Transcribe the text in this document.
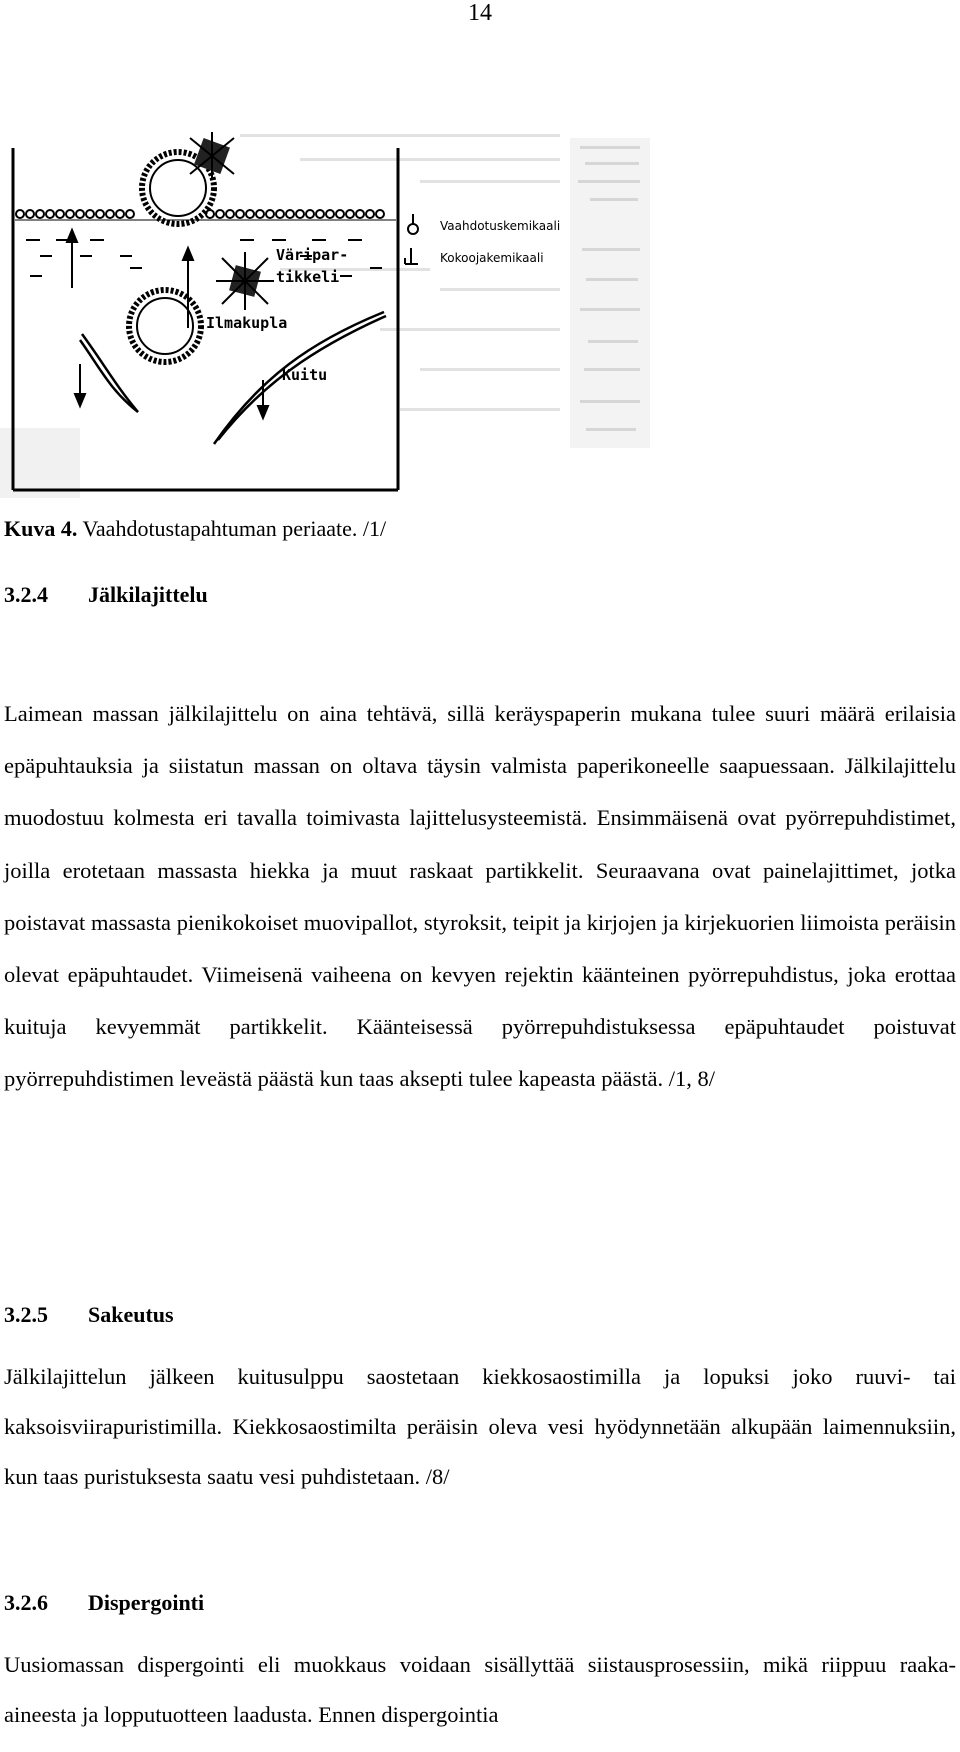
14
Vaahdotuskemikaali
Kokoojakemikaali
Väripar-
tikkeli
Ilmakupla
Kuitu
Kuva 4. Vaahdotustapahtuman periaate. /1/
3.2.4 Jälkilajittelu

Laimean massan jälkilajittelu on aina tehtävä, sillä keräyspaperin mukana tulee suuri määrä erilaisia epäpuhtauksia ja siistatun massan on oltava täysin valmista paperikoneelle saapuessaan. Jälkilajittelu muodostuu kolmesta eri tavalla toimivasta lajittelusysteemistä. Ensimmäisenä ovat pyörrepuhdistimet, joilla erotetaan massasta hiekka ja muut raskaat partikkelit. Seuraavana ovat painelajittimet, jotka poistavat massasta pienikokoiset muovipallot, styroksit, teipit ja kirjojen ja kirjekuorien liimoista peräisin olevat epäpuhtaudet. Viimeisenä vaiheena on kevyen rejektin käänteinen pyörrepuhdistus, joka erottaa kuituja kevyemmät partikkelit. Käänteisessä pyörrepuhdistuksessa epäpuhtaudet poistuvat pyörrepuhdistimen leveästä päästä kun taas aksepti tulee kapeasta päästä. /1, 8/

3.2.5 Sakeutus

Jälkilajittelun jälkeen kuitusulppu saostetaan kiekkosaostimilla ja lopuksi joko ruuvi- tai kaksoisviirapuristimilla. Kiekkosaostimilta peräisin oleva vesi hyödynnetään alkupään laimennuksiin, kun taas puristuksesta saatu vesi puhdistetaan. /8/

3.2.6 Dispergointi

Uusiomassan dispergointi eli muokkaus voidaan sisällyttää siistausprosessiin, mikä riippuu raaka-aineesta ja lopputuotteen laadusta. Ennen dispergointia
